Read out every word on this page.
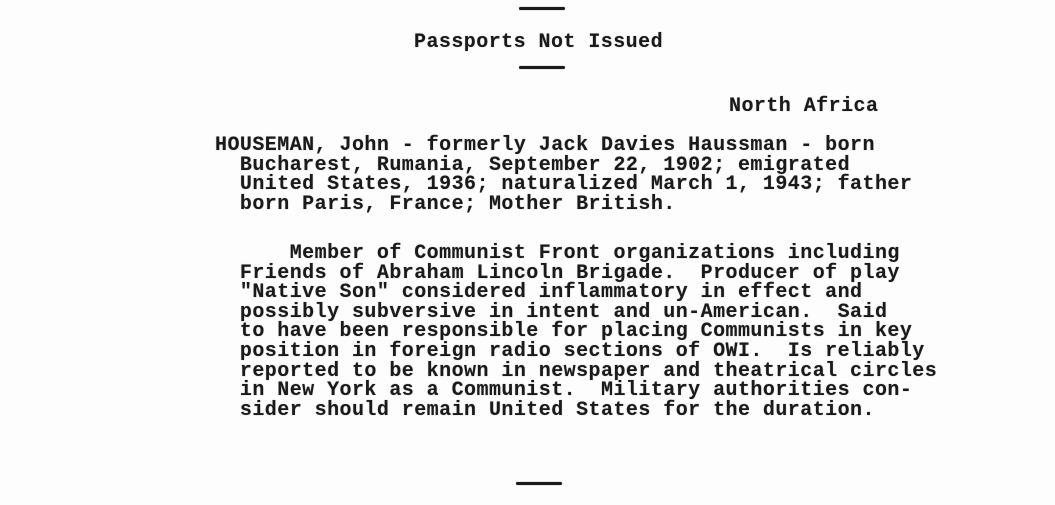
Passports Not Issued
North Africa
HOUSEMAN, John - formerly Jack Davies Haussman - born
Bucharest, Rumania, September 22, 1902; emigrated
United States, 1936; naturalized March 1, 1943; father
born Paris, France; Mother British.
Member of Communist Front organizations including
Friends of Abraham Lincoln Brigade.  Producer of play
"Native Son" considered inflammatory in effect and
possibly subversive in intent and un-American.  Said
to have been responsible for placing Communists in key
position in foreign radio sections of OWI.  Is reliably
reported to be known in newspaper and theatrical circles
in New York as a Communist.  Military authorities con-
sider should remain United States for the duration.
